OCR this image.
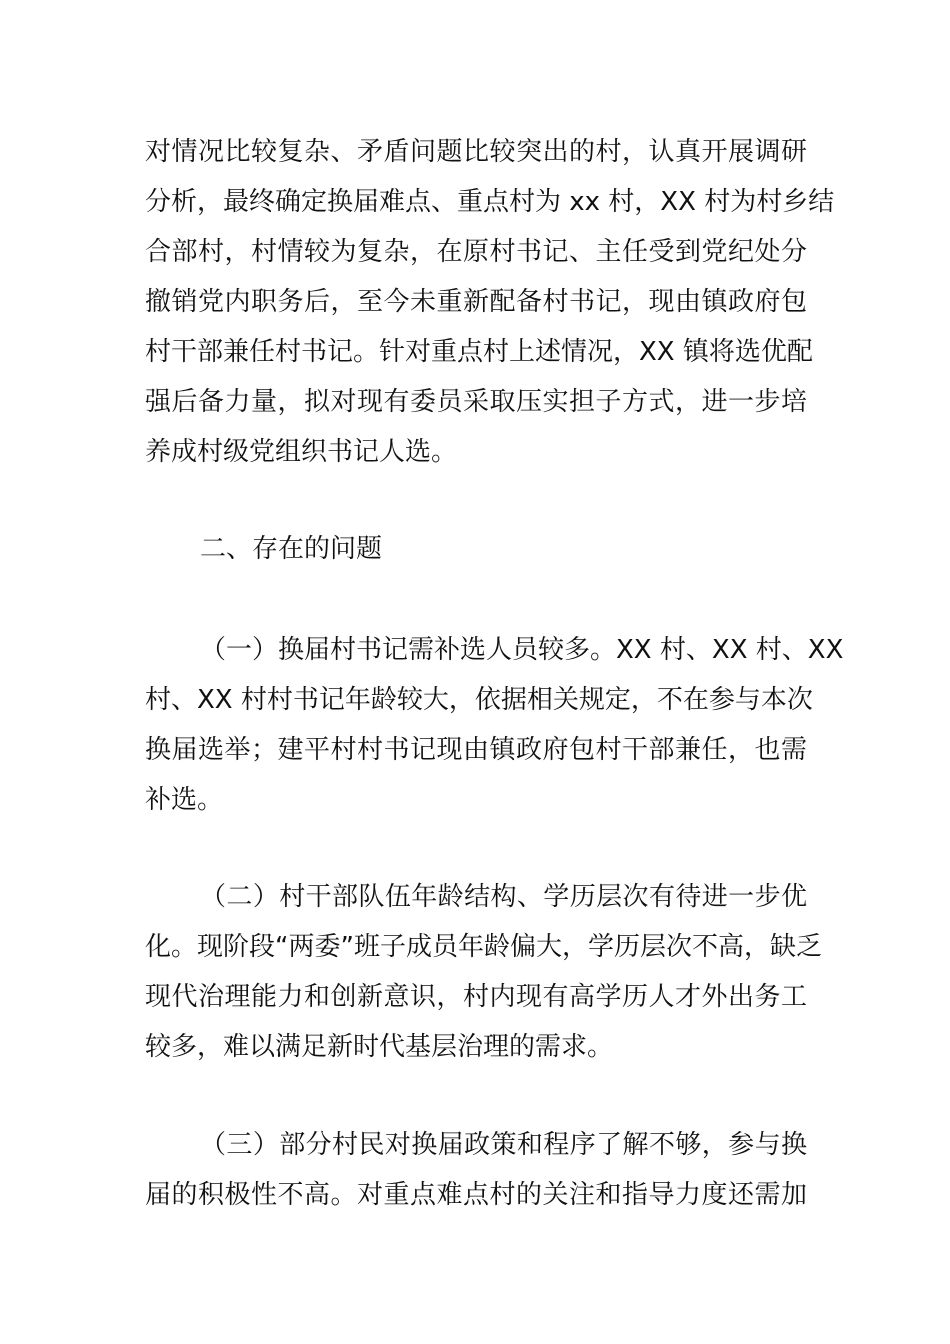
对情况比较复杂、矛盾问题比较突出的村，认真开展调研
分析，最终确定换届难点、重点村为 xx 村，XX 村为村乡结
合部村，村情较为复杂，在原村书记、主任受到党纪处分
撤销党内职务后，至今未重新配备村书记，现由镇政府包
村干部兼任村书记。针对重点村上述情况，XX 镇将选优配
强后备力量，拟对现有委员采取压实担子方式，进一步培
养成村级党组织书记人选。
二、存在的问题
（一）换届村书记需补选人员较多。XX 村、XX 村、XX
村、XX 村村书记年龄较大，依据相关规定，不在参与本次
换届选举；建平村村书记现由镇政府包村干部兼任，也需
补选。
（二）村干部队伍年龄结构、学历层次有待进一步优
化。现阶段“两委”班子成员年龄偏大，学历层次不高，缺乏
现代治理能力和创新意识，村内现有高学历人才外出务工
较多，难以满足新时代基层治理的需求。
（三）部分村民对换届政策和程序了解不够，参与换
届的积极性不高。对重点难点村的关注和指导力度还需加
